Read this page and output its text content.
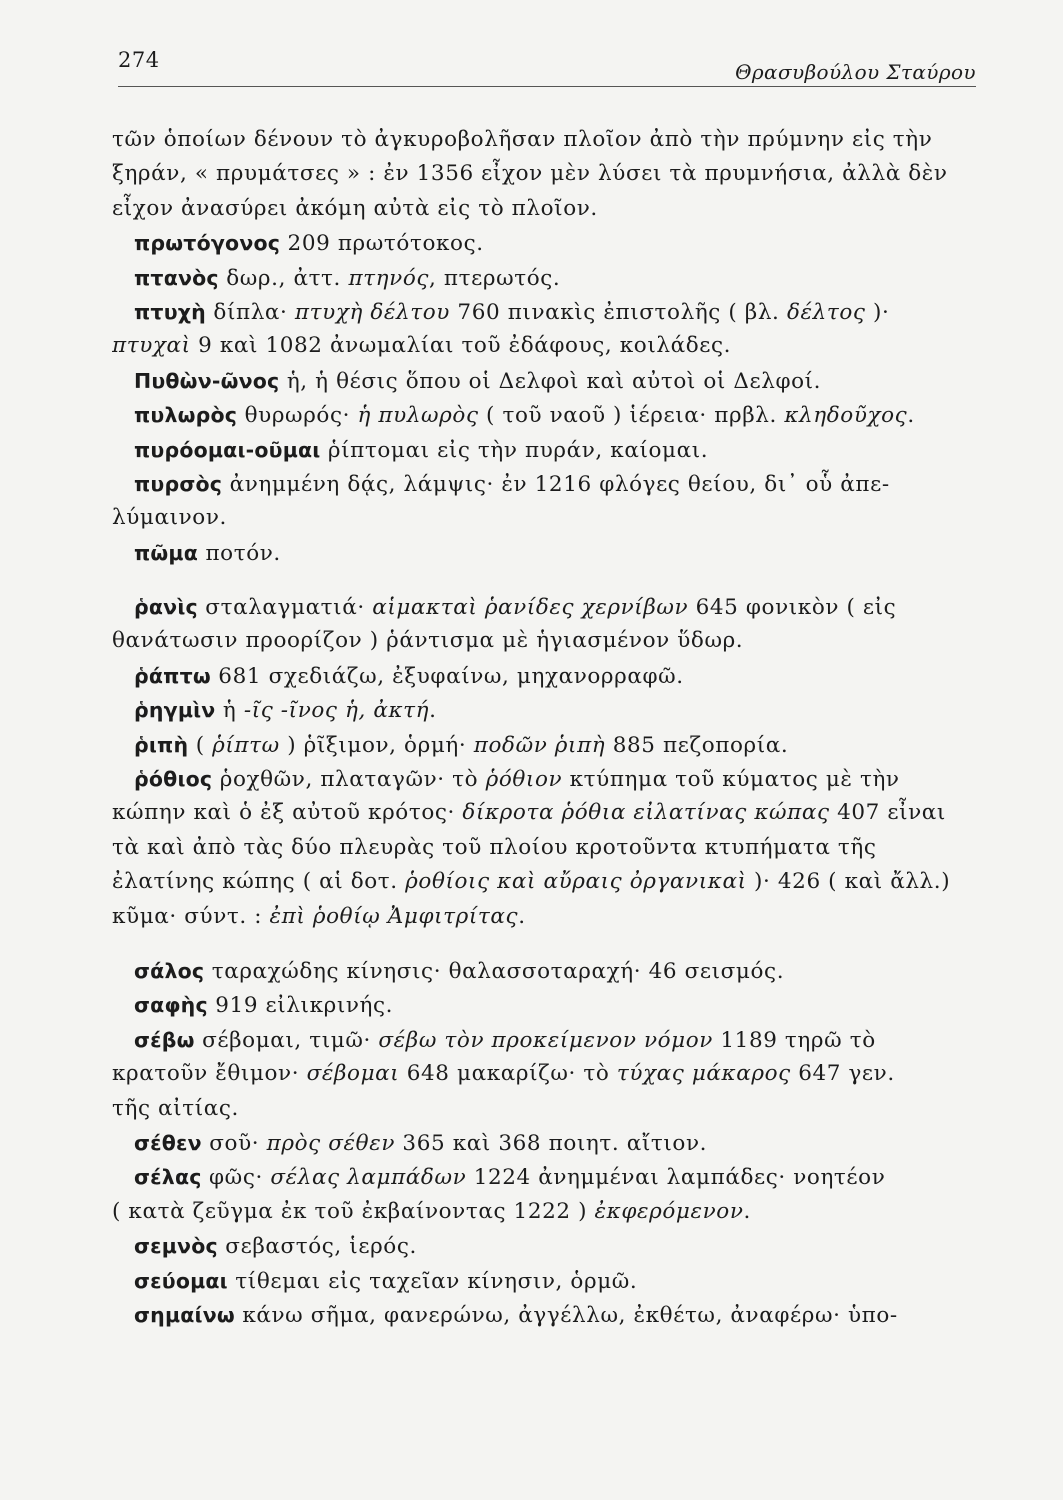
274	Θρασυβούλου Σταύρου
τῶν ὁποίων δένουν τὸ ἀγκυροβολῆσαν πλοῖον ἀπὸ τὴν πρύμνην εἰς τὴν
ξηράν, « πρυμάτσες » : ἐν 1356 εἶχον μὲν λύσει τὰ πρυμνήσια, ἀλλὰ δὲν
εἶχον ἀνασύρει ἀκόμη αὐτὰ εἰς τὸ πλοῖον.
πρωτόγονος 209 πρωτότοκος.
πτανὸς δωρ., ἀττ. πτηνός, πτερωτός.
πτυχὴ δίπλα· πτυχὴ δέλτου 760 πινακὶς ἐπιστολῆς ( βλ. δέλτος )·
πτυχαὶ 9 καὶ 1082 ἀνωμαλίαι τοῦ ἐδάφους, κοιλάδες.
Πυθὼν-ῶνος ἡ, ἡ θέσις ὅπου οἱ Δελφοὶ καὶ αὐτοὶ οἱ Δελφοί.
πυλωρὸς θυρωρός· ἡ πυλωρὸς ( τοῦ ναοῦ ) ἱέρεια· πρβλ. κληδοῦχος.
πυρόομαι-οῦμαι ῥίπτομαι εἰς τὴν πυράν, καίομαι.
πυρσὸς ἀνημμένη δᾴς, λάμψις· ἐν 1216 φλόγες θείου, δι᾽ οὗ ἀπε-
λύμαινον.
πῶμα ποτόν.
ῥανὶς σταλαγματιά· αἱμακταὶ ῥανίδες χερνίβων 645 φονικὸν ( εἰς
θανάτωσιν προορίζον ) ῥάντισμα μὲ ἡγιασμένον ὕδωρ.
ῥάπτω 681 σχεδιάζω, ἐξυφαίνω, μηχανορραφῶ.
ῥηγμὶν ἡ -ῖς -ῖνος ἡ, ἀκτή.
ῥιπὴ ( ῥίπτω ) ῥῖξιμον, ὁρμή· ποδῶν ῥιπὴ 885 πεζοπορία.
ῥόθιος ῥοχθῶν, πλαταγῶν· τὸ ῥόθιον κτύπημα τοῦ κύματος μὲ τὴν
κώπην καὶ ὁ ἐξ αὐτοῦ κρότος· δίκροτα ῥόθια εἰλατίνας κώπας 407 εἶναι
τὰ καὶ ἀπὸ τὰς δύο πλευρὰς τοῦ πλοίου κροτοῦντα κτυπήματα τῆς
ἐλατίνης κώπης ( αἱ δοτ. ῥοθίοις καὶ αὔραις ὀργανικαὶ )· 426 ( καὶ ἄλλ.)
κῦμα· σύντ. : ἐπὶ ῥοθίῳ Ἀμφιτρίτας.
σάλος ταραχώδης κίνησις· θαλασσοταραχή· 46 σεισμός.
σαφὴς 919 εἰλικρινής.
σέβω σέβομαι, τιμῶ· σέβω τὸν προκείμενον νόμον 1189 τηρῶ τὸ
κρατοῦν ἔθιμον· σέβομαι 648 μακαρίζω· τὸ τύχας μάκαρος 647 γεν.
τῆς αἰτίας.
σέθεν σοῦ· πρὸς σέθεν 365 καὶ 368 ποιητ. αἴτιον.
σέλας φῶς· σέλας λαμπάδων 1224 ἀνημμέναι λαμπάδες· νοητέον
( κατὰ ζεῦγμα ἐκ τοῦ ἐκβαίνοντας 1222 ) ἐκφερόμενον.
σεμνὸς σεβαστός, ἱερός.
σεύομαι τίθεμαι εἰς ταχεῖαν κίνησιν, ὁρμῶ.
σημαίνω κάνω σῆμα, φανερώνω, ἀγγέλλω, ἐκθέτω, ἀναφέρω· ὑπο-
